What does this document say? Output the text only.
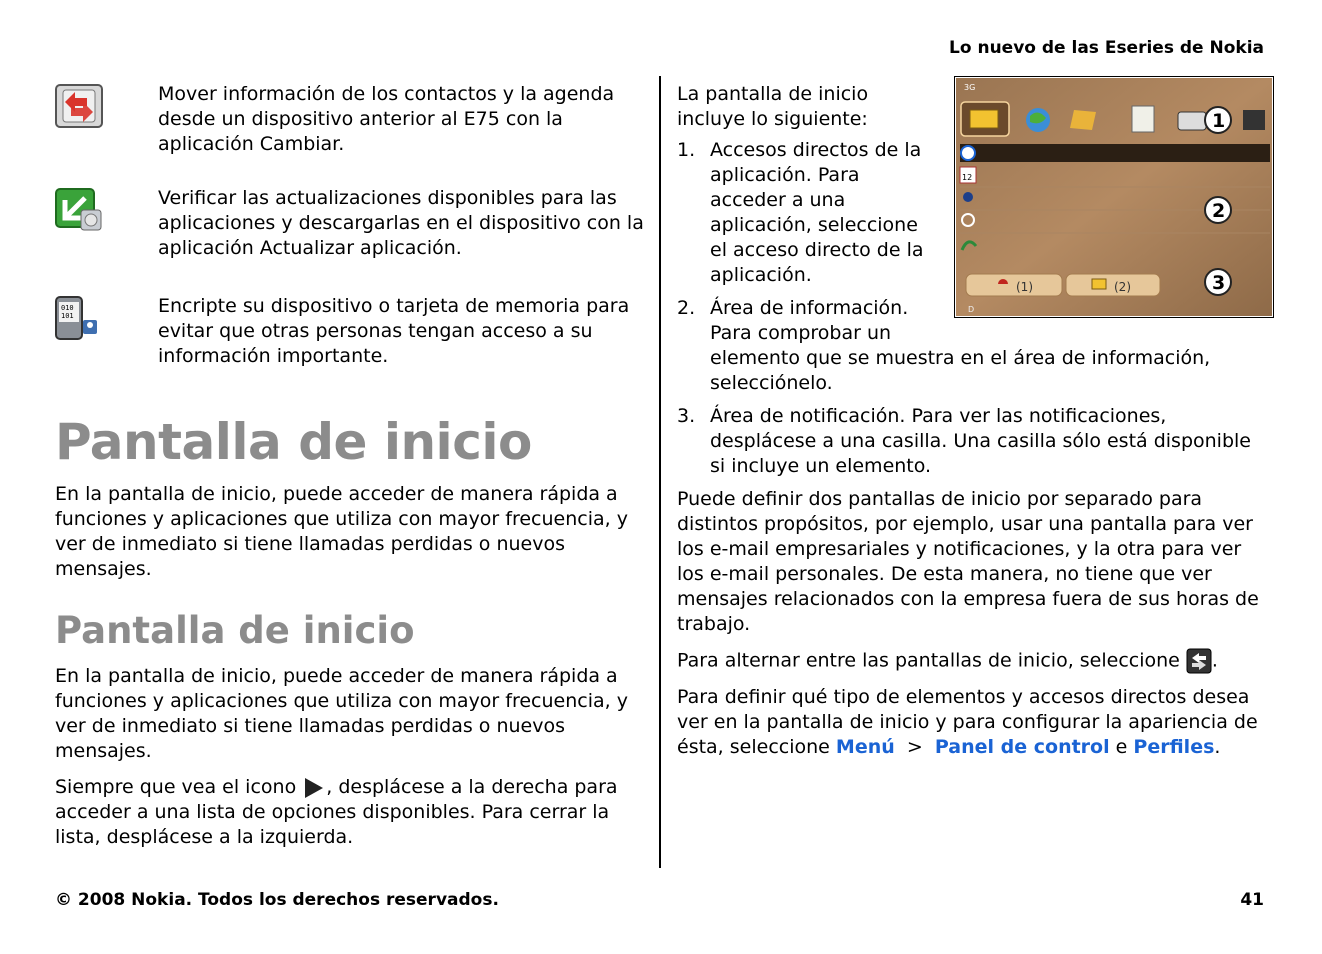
Lo nuevo de las Eseries de Nokia
Mover información de los contactos y la agenda desde un dispositivo anterior al E75 con la aplicación Cambiar.
Verificar las actualizaciones disponibles para las aplicaciones y descargarlas en el dispositivo con la aplicación Actualizar aplicación.
010
101	Encripte su dispositivo o tarjeta de memoria para evitar que otras personas tengan acceso a su información importante.
Pantalla de inicio

En la pantalla de inicio, puede acceder de manera rápida a funciones y aplicaciones que utiliza con mayor frecuencia, y ver de inmediato si tiene llamadas perdidas o nuevos mensajes.

Pantalla de inicio

En la pantalla de inicio, puede acceder de manera rápida a funciones y aplicaciones que utiliza con mayor frecuencia, y ver de inmediato si tiene llamadas perdidas o nuevos mensajes.

Siempre que vea el icono , desplácese a la derecha para acceder a una lista de opciones disponibles. Para cerrar la lista, desplácese a la izquierda.

3G
1
12
2
(1)	(2)
D
3

La pantalla de inicio incluye lo siguiente:

1. Accesos directos de la aplicación. Para acceder a una aplicación, seleccione el acceso directo de la aplicación.
2. Área de información. Para comprobar un elemento que se muestra en el área de información, selecciónelo.
3. Área de notificación. Para ver las notificaciones, desplácese a una casilla. Una casilla sólo está disponible si incluye un elemento.

Puede definir dos pantallas de inicio por separado para distintos propósitos, por ejemplo, usar una pantalla para ver los e-mail empresariales y notificaciones, y la otra para ver los e-mail personales. De esta manera, no tiene que ver mensajes relacionados con la empresa fuera de sus horas de trabajo.

Para alternar entre las pantallas de inicio, seleccione .

Para definir qué tipo de elementos y accesos directos desea ver en la pantalla de inicio y para configurar la apariencia de ésta, seleccione Menú > Panel de control e Perfiles.

© 2008 Nokia. Todos los derechos reservados.	41
